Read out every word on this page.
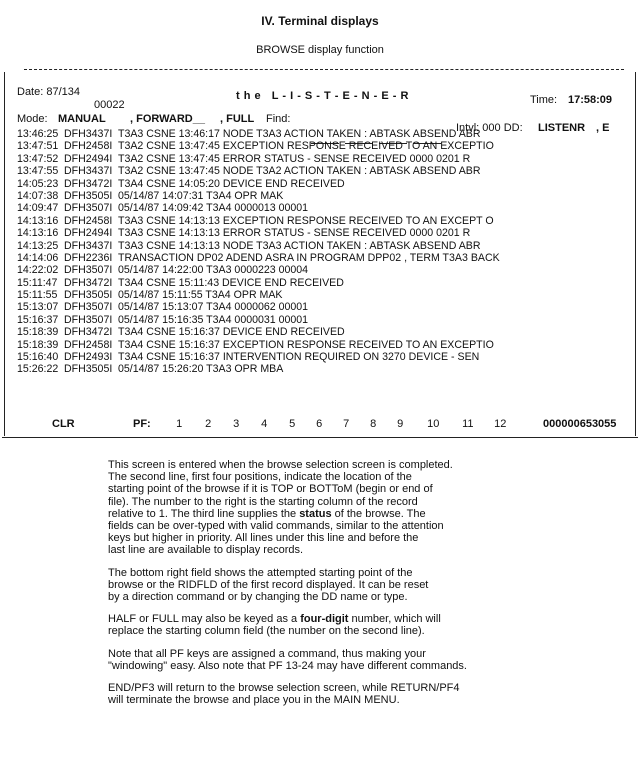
IV. Terminal displays
BROWSE display function
Date: 87/134	t h e   L - I - S - T - E - N - E - R	Time: 17:58:09
00022
Mode: MANUAL , FORWARD__ , FULL Find:

Intvl: 000 DD: LISTENR , E
13:46:25 DFH3437I T3A3 CSNE 13:46:17 NODE T3A3 ACTION TAKEN : ABTASK ABSEND ABR
13:47:51 DFH2458I T3A2 CSNE 13:47:45 EXCEPTION RESPONSE RECEIVED TO AN EXCEPTIO
13:47:52 DFH2494I T3A2 CSNE 13:47:45 ERROR STATUS - SENSE RECEIVED 0000 0201 R
13:47:55 DFH3437I T3A2 CSNE 13:47:45 NODE T3A2 ACTION TAKEN : ABTASK ABSEND ABR
14:05:23 DFH3472I T3A4 CSNE 14:05:20 DEVICE END RECEIVED
14:07:38 DFH3505I 05/14/87 14:07:31 T3A4 OPR MAK
14:09:47 DFH3507I 05/14/87 14:09:42 T3A4 0000013 00001
14:13:16 DFH2458I T3A3 CSNE 14:13:13 EXCEPTION RESPONSE RECEIVED TO AN EXCEPT O
14:13:16 DFH2494I T3A3 CSNE 14:13:13 ERROR STATUS - SENSE RECEIVED 0000 0201 R
14:13:25 DFH3437I T3A3 CSNE 14:13:13 NODE T3A3 ACTION TAKEN : ABTASK ABSEND ABR
14:14:06 DFH2236I TRANSACTION DP02 ADEND ASRA IN PROGRAM DPP02 , TERM T3A3 BACK
14:22:02 DFH3507I 05/14/87 14:22:00 T3A3 0000223 00004
15:11:47 DFH3472I T3A4 CSNE 15:11:43 DEVICE END RECEIVED
15:11:55 DFH3505I 05/14/87 15:11:55 T3A4 OPR MAK
15:13:07 DFH3507I 05/14/87 15:13:07 T3A4 0000062 00001
15:16:37 DFH3507I 05/14/87 15:16:35 T3A4 0000031 00001
15:18:39 DFH3472I T3A4 CSNE 15:16:37 DEVICE END RECEIVED
15:18:39 DFH2458I T3A4 CSNE 15:16:37 EXCEPTION RESPONSE RECEIVED TO AN EXCEPTIO
15:16:40 DFH2493I T3A4 CSNE 15:16:37 INTERVENTION REQUIRED ON 3270 DEVICE - SEN
15:26:22 DFH3505I 05/14/87 15:26:20 T3A3 OPR MBA

CLR

	PF:

1 2 3 4 5 6 7 8 9 10 11 12

	000000653055

This screen is entered when the browse selection screen is completed.
The second line, first four positions, indicate the location of the
starting point of the browse if it is TOP or BOTToM (begin or end of
file). The number to the right is the starting column of the record
relative to 1. The third line supplies the status of the browse. The
fields can be over-typed with valid commands, similar to the attention
keys but higher in priority. All lines under this line and before the
last line are available to display records.

The bottom right field shows the attempted starting point of the
browse or the RIDFLD of the first record displayed. It can be reset
by a direction command or by changing the DD name or type.

HALF or FULL may also be keyed as a four-digit number, which will
replace the starting column field (the number on the second line).

Note that all PF keys are assigned a command, thus making your
"windowing" easy. Also note that PF 13-24 may have different commands.

END/PF3 will return to the browse selection screen, while RETURN/PF4
will terminate the browse and place you in the MAIN MENU.
